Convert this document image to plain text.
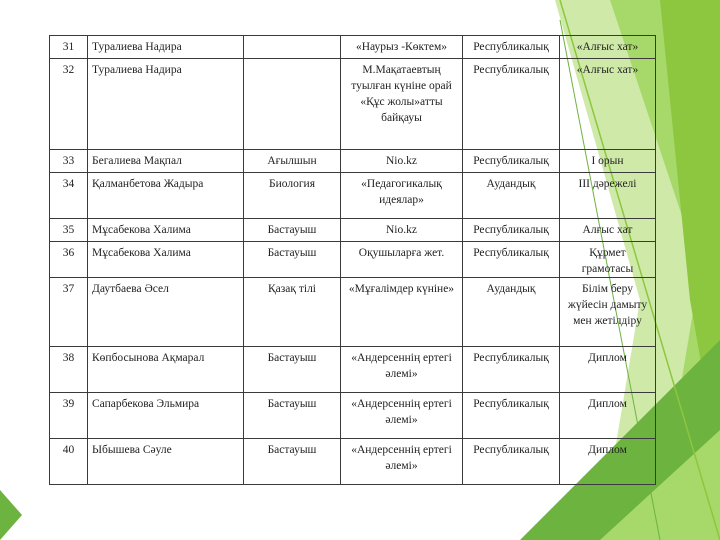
31	Туралиева Надира		«Наурыз -Көктем»	Республикалық	«Алғыс хат»
32	Туралиева Надира		М.Мақатаевтың туылған күніне орай «Құс жолы»атты байқауы	Республикалық	«Алғыс хат»
33	Бегалиева Мақпал	Ағылшын	Nio.kz	Республикалық	І орын
34	Қалманбетова Жадыра	Биология	«Педагогикалық идеялар»	Аудандық	ІІІ дәрежелі
35	Мұсабекова Халима	Бастауыш	Nio.kz	Республикалық	Алғыс хат
36	Мұсабекова Халима	Бастауыш	Оқушыларға жет.	Республикалық	Құрмет грамотасы
37	Даутбаева Әсел	Қазақ тілі	«Мұғалімдер күніне»	Аудандық	Білім беру жүйесін дамыту мен жетілдіру
38	Көпбосынова Ақмарал	Бастауыш	«Андерсеннің ертегі әлемі»	Республикалық	Диплом
39	Сапарбекова Эльмира	Бастауыш	«Андерсеннің ертегі әлемі»	Республикалық	Диплом
40	Ыбышева Сәуле	Бастауыш	«Андерсеннің ертегі әлемі»	Республикалық	Диплом
